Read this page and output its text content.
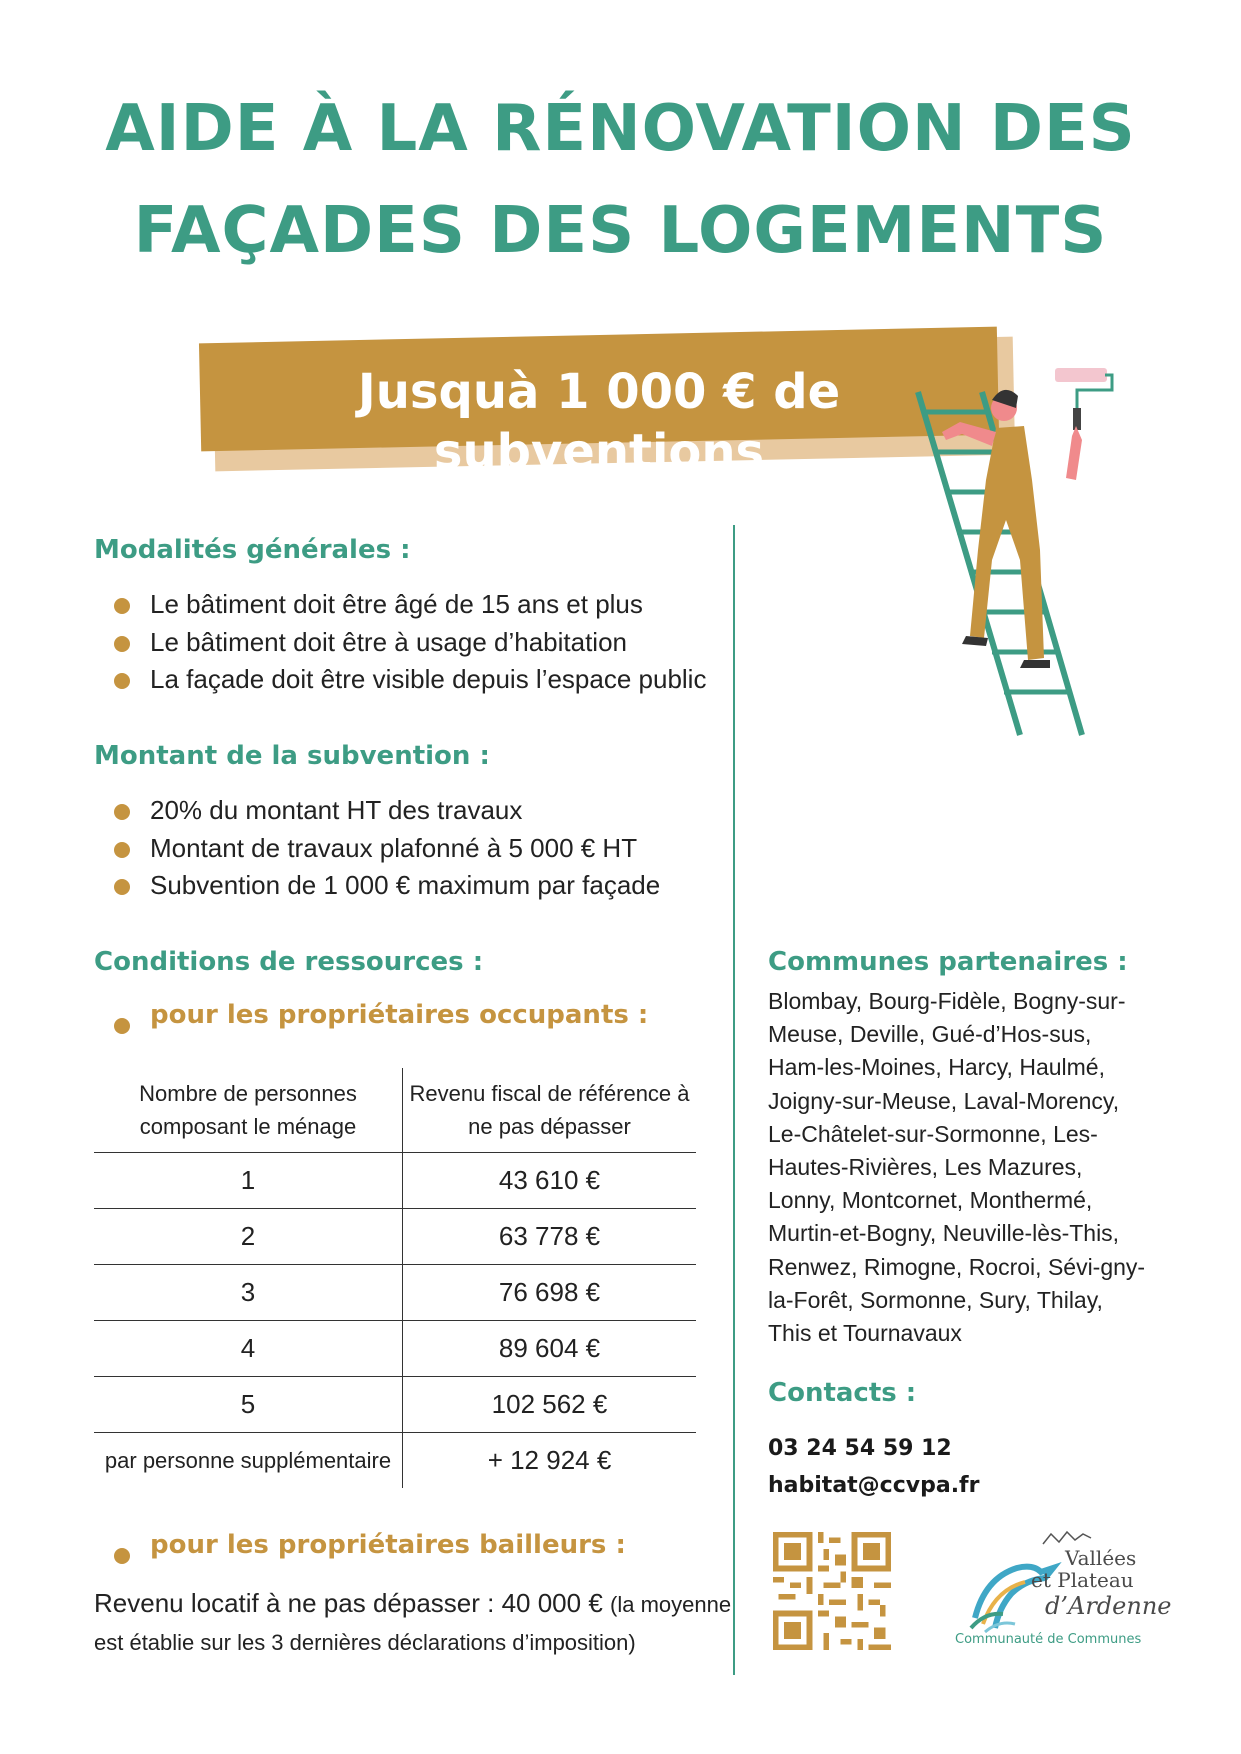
AIDE À LA RÉNOVATION DES
FAÇADES DES LOGEMENTS

Jusquà 1 000 € de subventions

Modalités générales :
Le bâtiment doit être âgé de 15 ans et plus
Le bâtiment doit être à usage d’habitation
La façade doit être visible depuis l’espace public
Montant de la subvention :
20% du montant HT des travaux
Montant de travaux plafonné à 5 000 € HT
Subvention de 1 000 € maximum par façade
Conditions de ressources :
pour les propriétaires occupants :
Nombre de personnes composant le ménage	Revenu fiscal de référence à ne pas dépasser
1	43 610 €
2	63 778 €
3	76 698 €
4	89 604 €
5	102 562 €
par personne supplémentaire	+ 12 924 €
pour les propriétaires bailleurs :

Revenu locatif à ne pas dépasser : 40 000 € (la moyenne est établie sur les 3 dernières déclarations d’imposition)

Communes partenaires :

Blombay, Bourg-Fidèle, Bogny-sur-Meuse, Deville, Gué-d’Hos-sus, Ham-les-Moines, Harcy, Haulmé, Joigny-sur-Meuse, Laval-Morency, Le-Châtelet-sur-Sormonne, Les-Hautes-Rivières, Les Mazures, Lonny, Montcornet, Monthermé, Murtin-et-Bogny, Neuville-lès-This, Renwez, Rimogne, Rocroi, Sévi-gny-la-Forêt, Sormonne, Sury, Thilay, This et Tournavaux

Contacts :

03 24 54 59 12

habitat@ccvpa.fr

Vallées
et Plateau
d’Ardenne
Communauté de Communes
